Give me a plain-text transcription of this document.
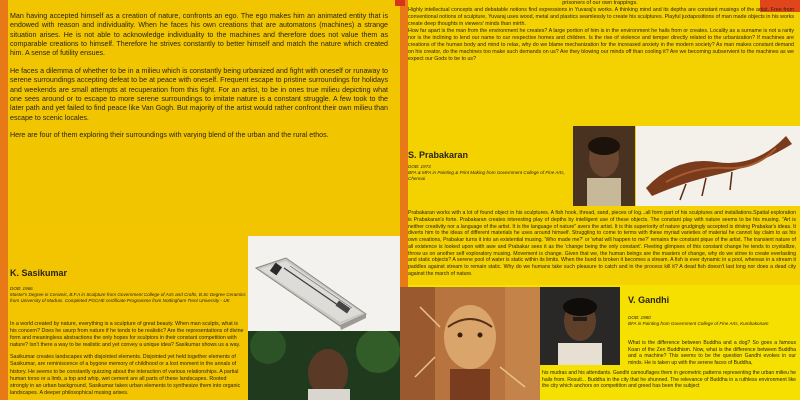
Man having accepted himself as a creation of nature, confronts an ego. The ego makes him an animated entity that is endowed with reason and individuality. When he faces his own creations that are automatons (machines) a strange situation arises. He is not able to acknowledge individuality to the machines and therefore does not value them as comparable creations to himself. Therefore he strives constantly to better himself and match the nature which created him. A sense of futility ensues.

He faces a dilemma of whether to be in a milieu which is constantly being urbanized and fight with oneself or runaway to serene surroundings accepting defeat to be at peace with oneself. Frequent escape to pristine surroundings for holidays and weekends are small attempts at recuperation from this fight. For an artist, to be in ones true milieu depicting what one sees around or to escape to more serene surroundings to imitate nature is a constant struggle. A few took to the later path and yet failed to find peace like Van Gogh. But majority of the artist would rather confront their own milieu than escape to scenic locales.

Here are four of them exploring their surroundings with varying blend of the urban and the rural ethos.

K. Sasikumar
DOB: 1966
Master's Degree in Ceramic, B.F.A in Sculpture from Government College of Arts and Crafts, B.Sc Degree Ceramics from University of Madras. Completed PGCHE certificate Programme from Nottingham Trent University - UK

In a world created by nature, everything is a sculpture of great beauty. When man sculpts, what is his concern? Does he usurp from nature if he tends to be realistic? Are the representations of divine form and meaningless abstractions the only hopes for sculptors in their constant competition with nature? Isn't there a way to be realistic and yet convey a unique idea? Sasikumar shows us a way.

Sasikumar creates landscapes with disjointed elements. Disjointed yet held together elements of Sasikumar, are reminiscence of a bygone memory of childhood or a lost moment in the annals of history. He seems to be constantly quizzing about the interaction of various relationships. A partial human torso or a limb, a top and whip, wet cement are all parts of these landscapes. Rooted strongly in an urban background, Sasikumar takes urban elements to synthesize them into organic landscapes. A deeper philosophical musing arises.

prisoners of our own trappings.

Highly intellectual concepts and debatable notions find expressions in Yuvaraj's works. A thinking mind and its depths are constant musings of the artist. Free from conventional notions of sculpture, Yuvaraj uses wood, metal and plastics seamlessly to create his sculptures. Playful juxtapositions of man made objects in his works create deep thoughts in viewers' minds than mirth.

How far apart is the man from the environment he creates? A large portion of him is in the environment he hails from or creates. Locality as a surname is not a rarity nor is the inclining to lend our name to our respective homes and children. Is the rise of violence and temper directly related to the urbanization? If machines are creations of the human body and mind to relax, why do we blame mechanization for the increased anxiety in the modern society? As man makes constant demand on his creator, do the machines too make such demands on us? Are they blowing our minds off than cooling it? Are we becoming subservient to the machines as we expect our Gods to be to us?

S. Prabakaran
DOB: 1973
BFA & MFA in Painting & Print Making from Government College of Fine Arts, Chennai
Prabakaran works with a lot of found object in his sculptures. A fish hook, thread, sand, pieces of log...all form part of his sculptures and installations.Spatial exploration is Prabakaran's forte. Prabakaran creates interesting play of depths by intelligent use of these objects. The constant play with nature seems to be his musing. "Art is neither creativity nor a language of the artist. It is the language of nature" avers the artist. It is this superiority of nature grudgingly accepted is driving Prabakar's ideas. It diverts him to the ideas of different materials he uses around himself. Struggling to come to terms with these myriad varieties of material he cannot lay claim to as his own creations, Prabakar turns it into an existential musing. 'Who made me?' or 'what will happen to me?' remains the constant pique of the artist. The transient nature of all existence is looked upon with awe and Prabakar sees it as the 'change being the only constant'. Fleeting glimpses of this constant change he tends to crystallize, throw us on another self exploratory musing. Movement is change. Given that we, the human beings are the masters of change, why do we strive to create everlasting and static objects? A serene pool of water is static within its limits. When the bund is broken it becomes a stream. A fish is ever dynamic in a pool, whereas in a stream it paddles against stream to remain static. Why do we humans take such pleasure to catch and in the process kill it? A dead fish doesn't last long nor does a dead city against the march of nature.
V. Gandhi
DOB: 1980
BFA in Painting from Government College of Fine Arts, Kumbakonam
What is the difference between Buddha and a dog? So goes a famous Koan of the Zen Buddhism. Now, what is the difference between Buddha and a machine? This seems to be the question Gandhi evokes in our minds. He is taken up with the serene faces of Buddha,
his mudras and his attendants. Gandhi camouflages them in geometric patterns representing the urban milieu he hails from. Result... Buddha in the city that he shunned. The relevance of Buddha in a ruthless environment like the city which anchors on competition and greed has been the subject
